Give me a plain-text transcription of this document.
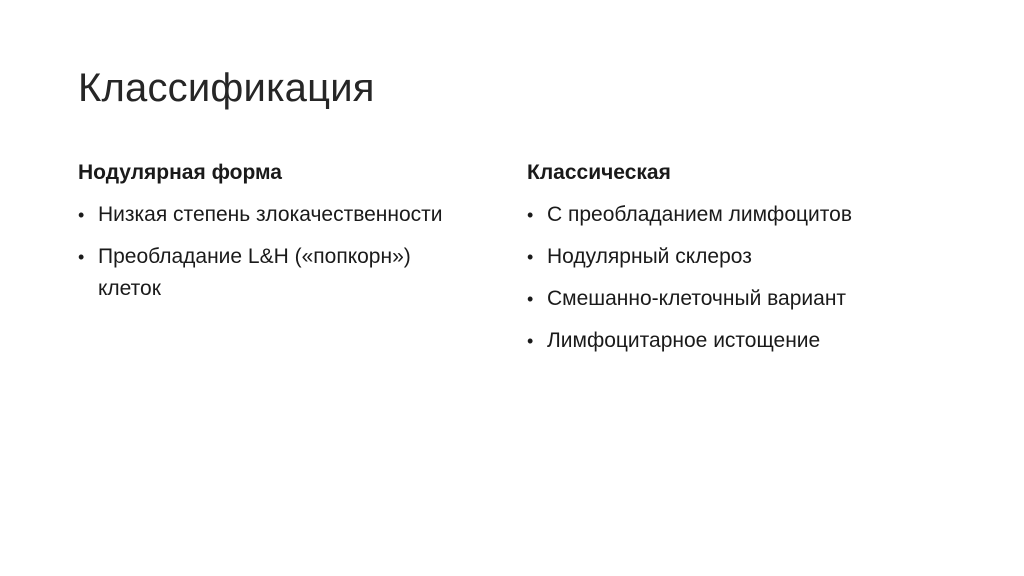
Классификация
Нодулярная форма
• Низкая степень злокачественности
• Преобладание L&H («попкорн») клеток
Классическая
• С преобладанием лимфоцитов
• Нодулярный склероз
• Смешанно-клеточный вариант
• Лимфоцитарное истощение
